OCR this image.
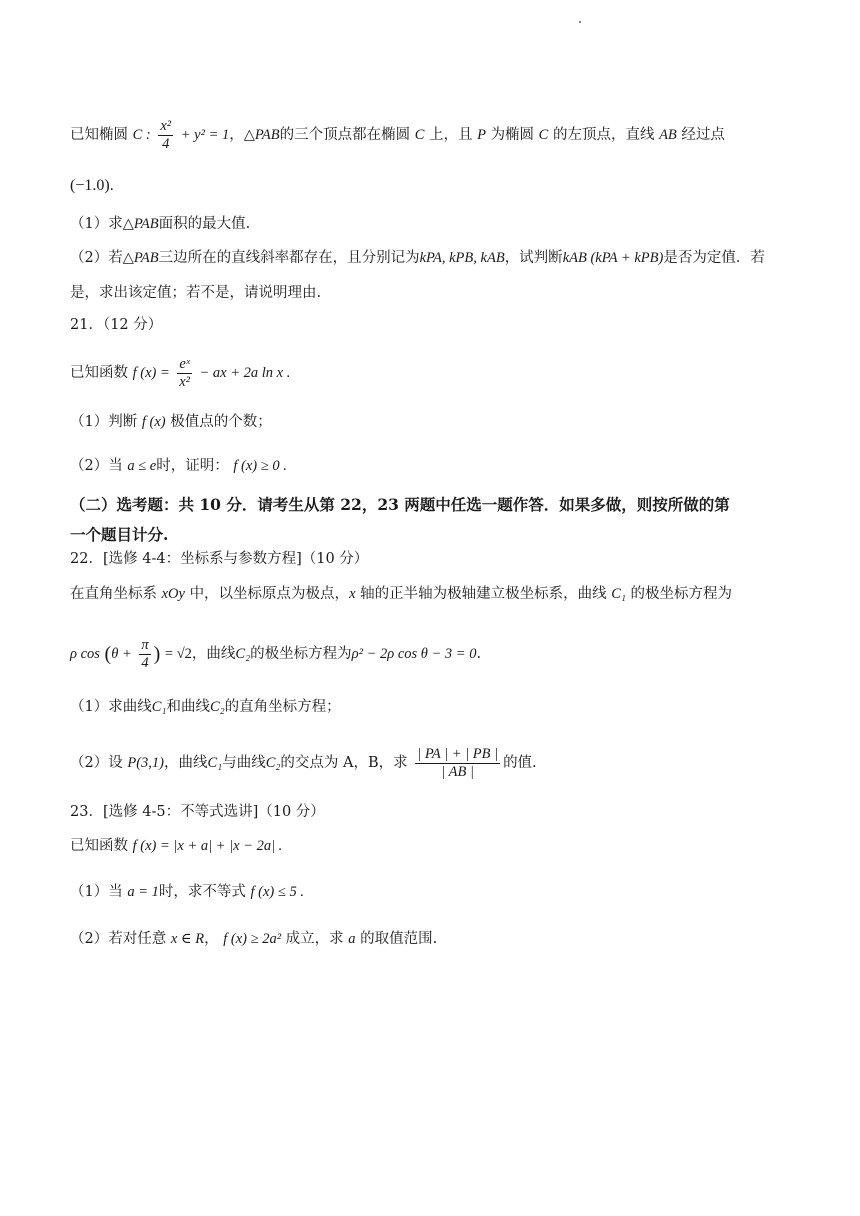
已知椭圆 C : $\frac{\text{x²}}{4} + y^2 = 1$，△PAB的三个顶点都在椭圆 C 上，且 P 为椭圆 C 的左顶点，直线 AB 经过点
(−1.0).
（1）求△PAB面积的最大值.
（2）若△PAB三边所在的直线斜率都存在，且分别记为kPA, kPB, kAB，试判断kAB (kPA + kPB)是否为定值．若
是，求出该定值；若不是，请说明理由.
21．（12 分）
已知函数 f $(x) = \frac{\text{eˣ}}{\text{x²}}$ − ax + 2a ln x .
（1）判断 f (x) 极值点的个数；
（2）当 a ≤ e时，证明： f (x) ≥ 0 .
（二）选考题：共 10 分．请考生从第 22，23 两题中任选一题作答．如果多做，则按所做的第
一个题目计分.
22．[选修 4-4：坐标系与参数方程]（10 分）
在直角坐标系 xOy 中，以坐标原点为极点，x 轴的正半轴为极轴建立极坐标系，曲线 C₁ 的极坐标方程为
ρ $\cos (\theta + \frac{\pi}{4}$ ) = √2，曲线C₂的极坐标方程为ρ² − 2ρ cos θ − 3 = 0.
（1）求曲线C₁和曲线C₂的直角坐标方程；
（2）设 P(3,1)，曲线C₁与曲线C₂的交点为 A，B，求 $\frac{| PA | + | PB |}{| AB |}$ 的值.
23．[选修 4-5：不等式选讲]（10 分）
已知函数 f (x) = |x + a| + |x − 2a| .
（1）当 a = 1时，求不等式 f (x) ≤ 5 .
（2）若对任意 x ∈ R， f (x) ≥ 2a² 成立，求 a 的取值范围.
